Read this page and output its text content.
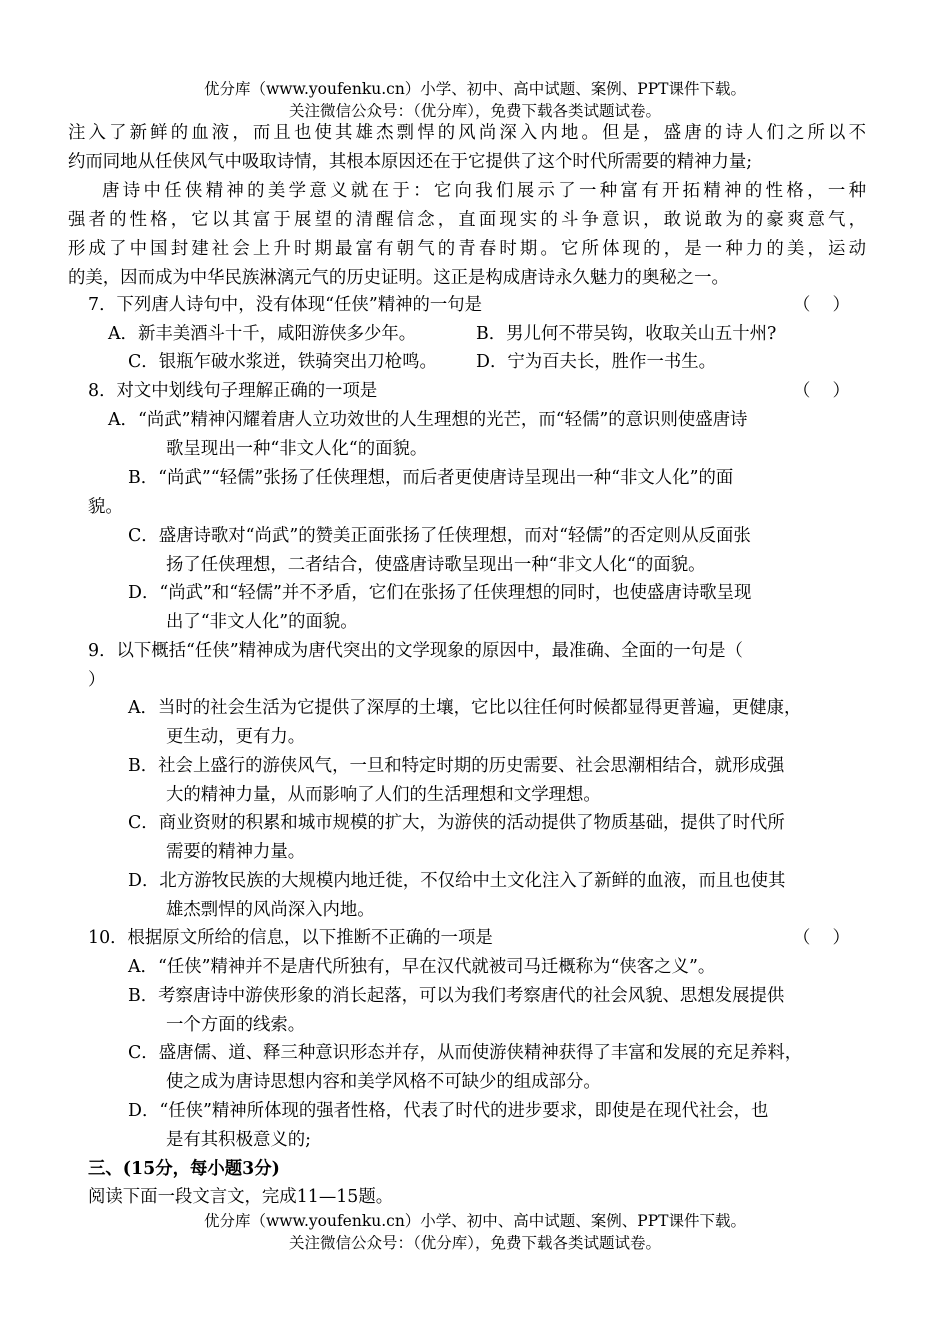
优分库（www.youfenku.cn）小学、初中、高中试题、案例、PPT课件下载。
关注微信公众号：（优分库），免费下载各类试题试卷。
注入了新鲜的血液，而且也使其雄杰剽悍的风尚深入内地。但是，盛唐的诗人们之所以不
约而同地从任侠风气中吸取诗情，其根本原因还在于它提供了这个时代所需要的精神力量;
唐诗中任侠精神的美学意义就在于：它向我们展示了一种富有开拓精神的性格，一种
强者的性格，它以其富于展望的清醒信念，直面现实的斗争意识，敢说敢为的豪爽意气，
形成了中国封建社会上升时期最富有朝气的青春时期。它所体现的，是一种力的美，运动
的美，因而成为中华民族淋漓元气的历史证明。这正是构成唐诗永久魅力的奥秘之一。
7．下列唐人诗句中，没有体现“任侠”精神的一句是	（    ）
A．新丰美酒斗十千，咸阳游侠多少年。	B．男儿何不带吴钩，收取关山五十州?
C．银瓶乍破水浆迸，铁骑突出刀枪鸣。 D．宁为百夫长，胜作一书生。
8．对文中划线句子理解正确的一项是	（    ）
A．“尚武”精神闪耀着唐人立功效世的人生理想的光芒，而“轻儒”的意识则使盛唐诗
歌呈现出一种“非文人化“的面貌。
B．“尚武”“轻儒”张扬了任侠理想，而后者更使唐诗呈现出一种“非文人化”的面
貌。
C．盛唐诗歌对“尚武”的赞美正面张扬了任侠理想，而对“轻儒”的否定则从反面张
扬了任侠理想，二者结合，使盛唐诗歌呈现出一种“非文人化“的面貌。
D．“尚武”和“轻儒”并不矛盾，它们在张扬了任侠理想的同时，也使盛唐诗歌呈现
出了“非文人化”的面貌。
9．以下概括“任侠”精神成为唐代突出的文学现象的原因中，最准确、全面的一句是（
）
A．当时的社会生活为它提供了深厚的土壤，它比以往任何时候都显得更普遍，更健康，
更生动，更有力。
B．社会上盛行的游侠风气，一旦和特定时期的历史需要、社会思潮相结合，就形成强
大的精神力量，从而影响了人们的生活理想和文学理想。
C．商业资财的积累和城市规模的扩大，为游侠的活动提供了物质基础，提供了时代所
需要的精神力量。
D．北方游牧民族的大规模内地迁徙，不仅给中土文化注入了新鲜的血液，而且也使其
雄杰剽悍的风尚深入内地。
10．根据原文所给的信息，以下推断不正确的一项是	（    ）
A．“任侠”精神并不是唐代所独有，早在汉代就被司马迁概称为“侠客之义”。
B．考察唐诗中游侠形象的消长起落，可以为我们考察唐代的社会风貌、思想发展提供
一个方面的线索。
C．盛唐儒、道、释三种意识形态并存，从而使游侠精神获得了丰富和发展的充足养料，
使之成为唐诗思想内容和美学风格不可缺少的组成部分。
D．“任侠”精神所体现的强者性格，代表了时代的进步要求，即使是在现代社会，也
是有其积极意义的;
三、(15分，每小题3分)
阅读下面一段文言文，完成11—15题。
优分库（www.youfenku.cn）小学、初中、高中试题、案例、PPT课件下载。
关注微信公众号：（优分库），免费下载各类试题试卷。
